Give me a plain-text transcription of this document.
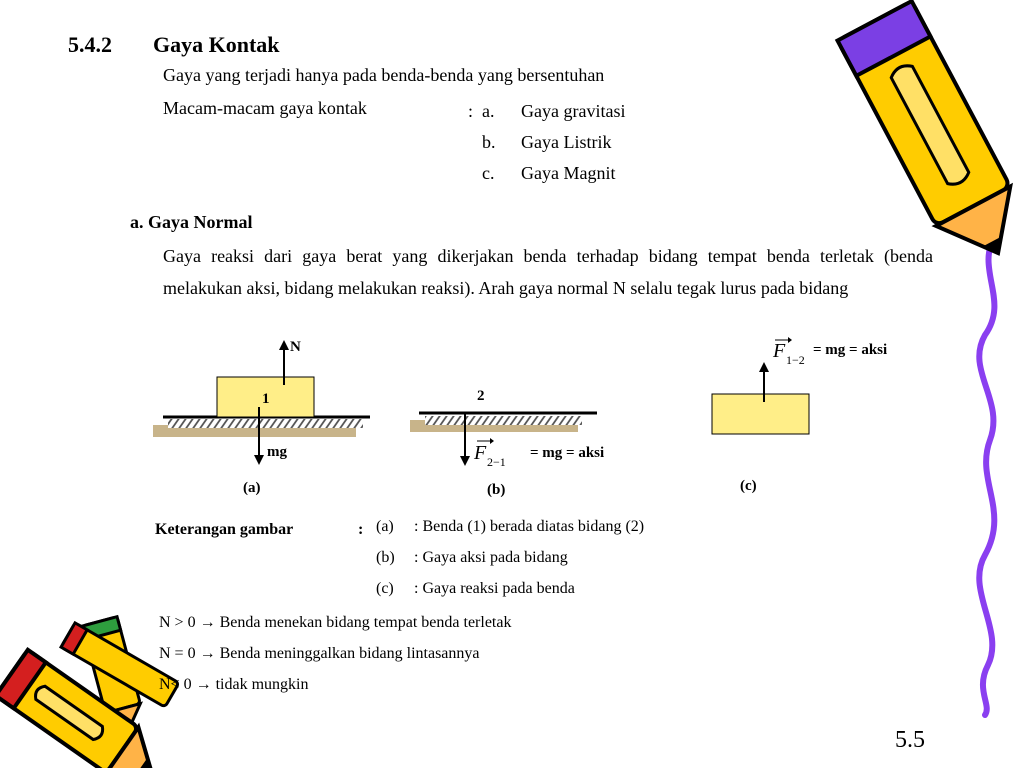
5.4.2 Gaya Kontak
Gaya yang terjadi hanya pada benda-benda yang bersentuhan
Macam-macam gaya kontak	: a. Gaya gravitasi
b. Gaya Listrik
c. Gaya Magnit
a. Gaya Normal
Gaya reaksi dari gaya berat yang dikerjakan benda terhadap bidang tempat benda terletak (benda melakukan aksi, bidang melakukan reaksi). Arah gaya normal N selalu tegak lurus pada bidang
N
1
mg
(a)
2
F 2−1
= mg = aksi
(b)
F 1−2
= mg = aksi
(c)
Keterangan gambar	: (a) : Benda (1) berada diatas bidang (2)
(b) : Gaya aksi pada bidang
(c) : Gaya reaksi pada benda
N > 0 → Benda menekan bidang tempat benda terletak
N = 0 → Benda meninggalkan bidang lintasannya
N< 0 → tidak mungkin
5.5
